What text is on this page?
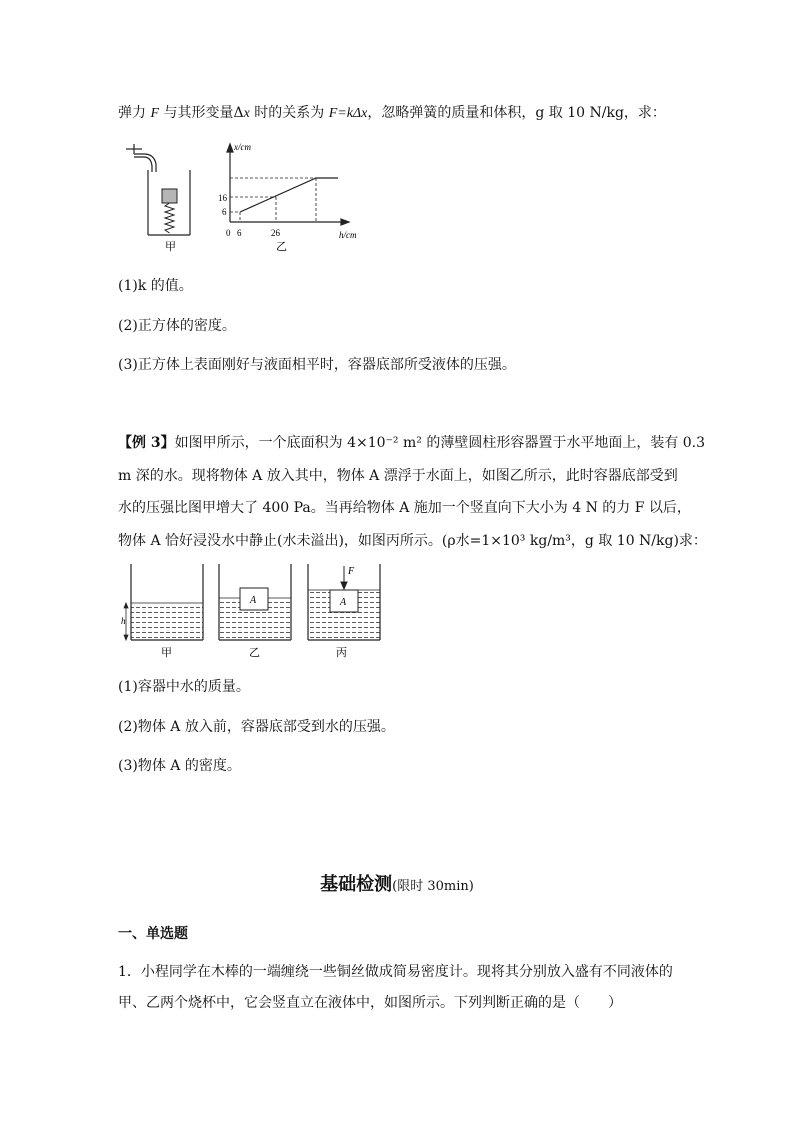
弹力 F 与其形变量Δx 时的关系为 F=kΔx，忽略弹簧的质量和体积，g 取 10 N/kg，求：
甲
x/cm
h/cm
0 6	26
16
6
乙
(1)k 的值。
(2)正方体的密度。
(3)正方体上表面刚好与液面相平时，容器底部所受液体的压强。
【例 3】如图甲所示，一个底面积为 4×10⁻² m² 的薄壁圆柱形容器置于水平地面上，装有 0.3
m 深的水。现将物体 A 放入其中，物体 A 漂浮于水面上，如图乙所示，此时容器底部受到
水的压强比图甲增大了 400 Pa。当再给物体 A 施加一个竖直向下大小为 4 N 的力 F 以后，
物体 A 恰好浸没水中静止(水未溢出)，如图丙所示。(ρ水=1×10³ kg/m³，g 取 10 N/kg)求：
h
甲
A
乙
A
F
丙
(1)容器中水的质量。
(2)物体 A 放入前，容器底部受到水的压强。
(3)物体 A 的密度。
基础检测(限时 30min)
一、单选题
1．小程同学在木棒的一端缠绕一些铜丝做成简易密度计。现将其分别放入盛有不同液体的
甲、乙两个烧杯中，它会竖直立在液体中，如图所示。下列判断正确的是（　　）
